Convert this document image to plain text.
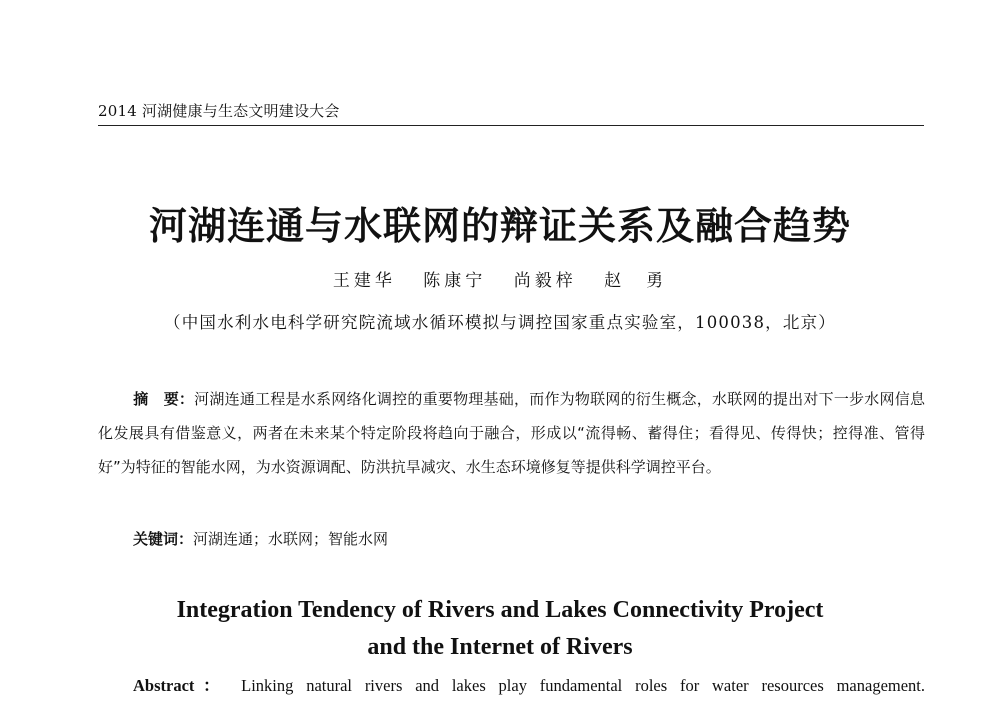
2014 河湖健康与生态文明建设大会
河湖连通与水联网的辩证关系及融合趋势
王建华 陈康宁 尚毅梓 赵　勇
（中国水利水电科学研究院流域水循环模拟与调控国家重点实验室，100038，北京）
摘　要：河湖连通工程是水系网络化调控的重要物理基础，而作为物联网的衍生概念，水联网的提出对下一步水网信息化发展具有借鉴意义，两者在未来某个特定阶段将趋向于融合，形成以“流得畅、蓄得住；看得见、传得快；控得准、管得好”为特征的智能水网，为水资源调配、防洪抗旱减灾、水生态环境修复等提供科学调控平台。
关键词：河湖连通；水联网；智能水网
Integration Tendency of Rivers and Lakes Connectivity Project
and the Internet of Rivers
Abstract： Linking natural rivers and lakes play fundamental roles for water resources management.
